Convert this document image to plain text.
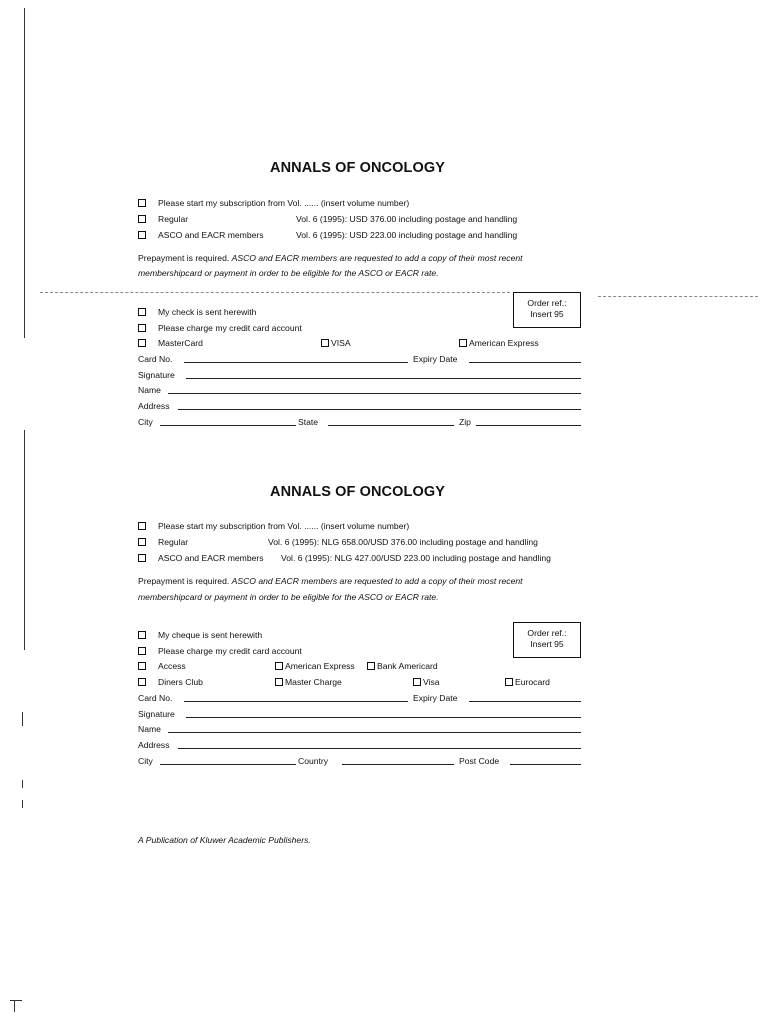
ANNALS OF ONCOLOGY
Please start my subscription from Vol. ...... (insert volume number)
Regular	Vol. 6 (1995): USD 376.00 including postage and handling
ASCO and EACR members	Vol. 6 (1995): USD 223.00 including postage and handling
Prepayment is required. ASCO and EACR members are requested to add a copy of their most recent
membershipcard or payment in order to be eligible for the ASCO or EACR rate.
Order ref.:
Insert 95
My check is sent herewith
Please charge my credit card account
MasterCard	VISA	American Express
Card No.	Expiry Date
Signature
Name
Address
City	State	Zip
ANNALS OF ONCOLOGY
Please start my subscription from Vol. ...... (insert volume number)
Regular	Vol. 6 (1995): NLG 658.00/USD 376.00 including postage and handling
ASCO and EACR members Vol. 6 (1995): NLG 427.00/USD 223.00 including postage and handling
Prepayment is required. ASCO and EACR members are requested to add a copy of their most recent
membershipcard or payment in order to be eligible for the ASCO or EACR rate.
Order ref.:
Insert 95
My cheque is sent herewith
Please charge my credit card account
Access	American Express	Bank Americard
Diners Club	Master Charge	Visa	Eurocard
Card No.	Expiry Date
Signature
Name
Address
City	Country	Post Code
A Publication of Kluwer Academic Publishers.
